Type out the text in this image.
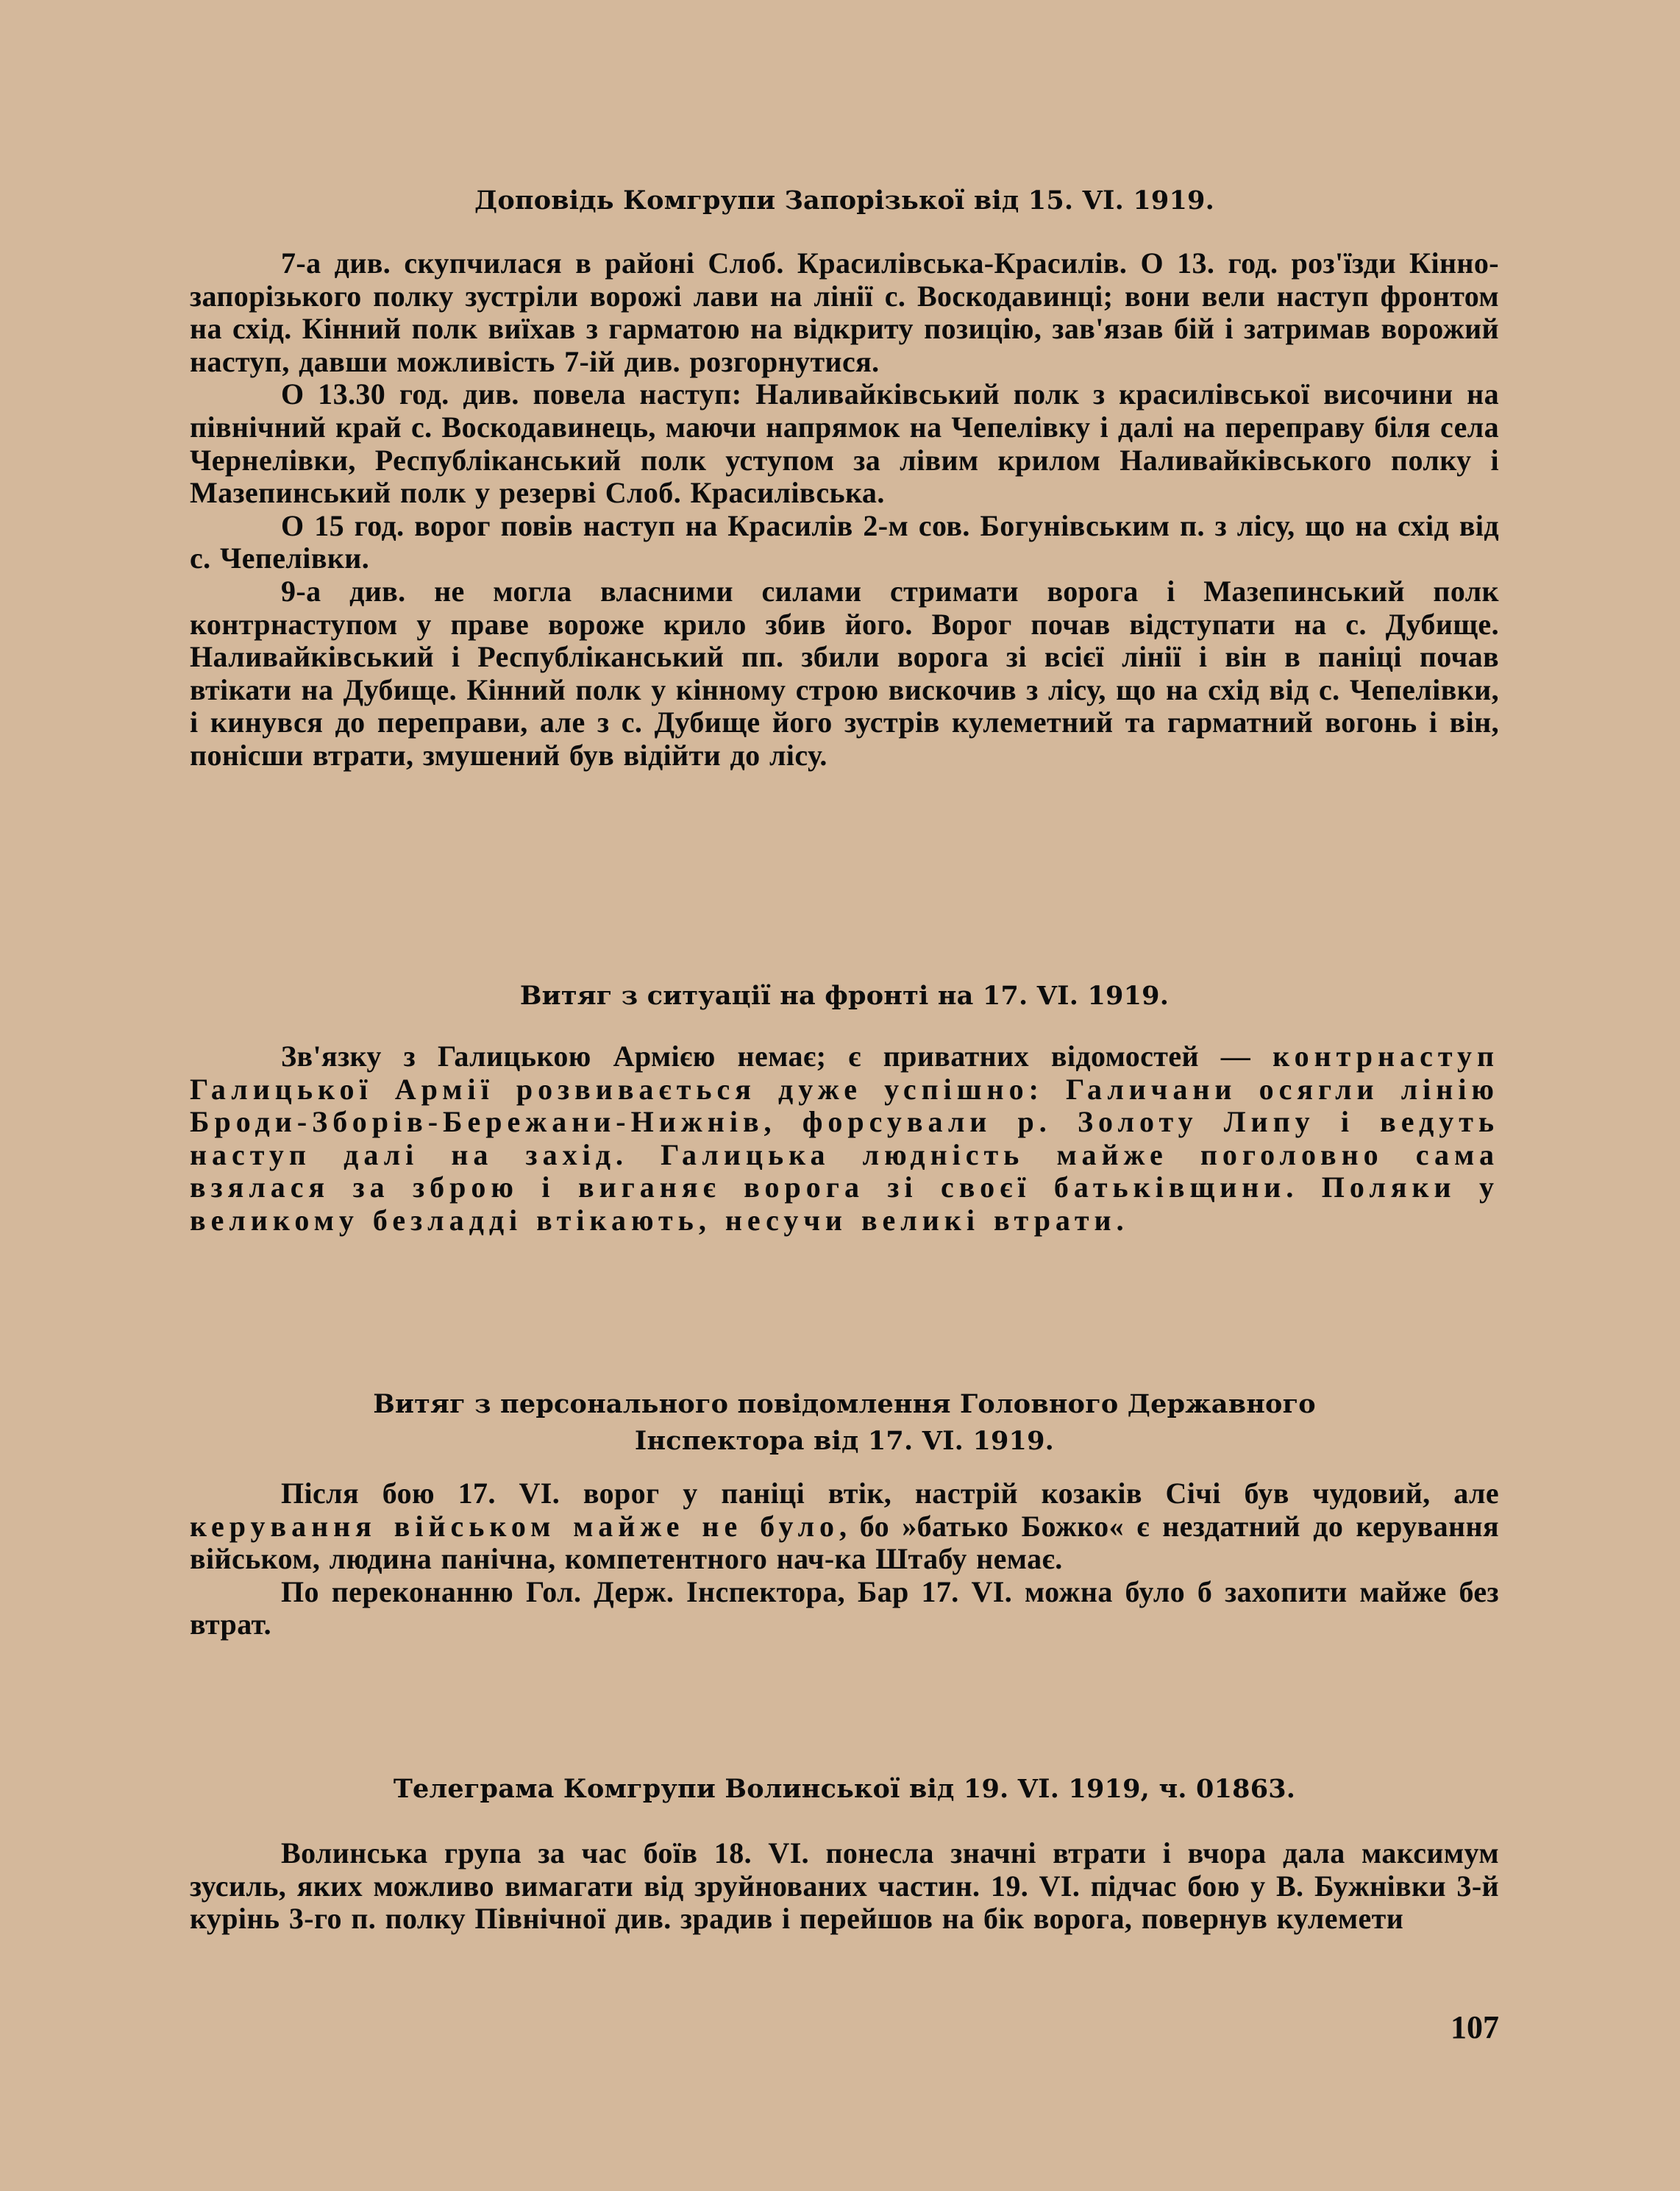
Доповідь Комгрупи Запорізької від 15. VI. 1919.

7-а див. скупчилася в районі Слоб. Красилівська-Красилів. О 13. год. роз'їзди Кінно-запорізького полку зустріли ворожі лави на лінії с. Воскодавинці; вони вели наступ фронтом на схід. Кінний полк виїхав з гарматою на відкриту позицію, зав'язав бій і затримав ворожий наступ, давши можливість 7-ій див. розгорнутися.

О 13.30 год. див. повела наступ: Наливайківський полк з красилівської височини на північний край с. Воскодавинець, маючи напрямок на Чепелівку і далі на переправу біля села Чернелівки, Республіканський полк уступом за лівим крилом Наливайківського полку і Мазепинський полк у резерві Слоб. Красилівська.

О 15 год. ворог повів наступ на Красилів 2-м сов. Богунівським п. з лісу, що на схід від с. Чепелівки.

9-а див. не могла власними силами стримати ворога і Мазепинський полк контрнаступом у праве вороже крило збив його. Ворог почав відступати на с. Дубище. Наливайківський і Республіканський пп. збили ворога зі всієї лінії і він в паніці почав втікати на Дубище. Кінний полк у кінному строю вискочив з лісу, що на схід від с. Чепелівки, і кинувся до переправи, але з с. Дубище його зустрів кулеметний та гарматний вогонь і він, понісши втрати, змушений був відійти до лісу.

Витяг з ситуації на фронті на 17. VI. 1919.

Зв'язку з Галицькою Армією немає; є приватних відомостей — контрнаступ Галицької Армії розвивається дуже успішно: Галичани осягли лінію Броди-Зборів-Бережани-Нижнів, форсували р. Золоту Липу і ведуть наступ далі на захід. Галицька людність майже поголовно сама взялася за зброю і виганяє ворога зі своєї батьківщини. Поляки у великому безладді втікають, несучи великі втрати.

Витяг з персонального повідомлення Головного Державного
Інспектора від 17. VI. 1919.

Після бою 17. VI. ворог у паніці втік, настрій козаків Січі був чудовий, але керування військом майже не було, бо »батько Божко« є нездатний до керування військом, людина панічна, компетентного нач-ка Штабу немає.

По переконанню Гол. Держ. Інспектора, Бар 17. VI. можна було б захопити майже без втрат.

Телеграма Комгрупи Волинської від 19. VI. 1919, ч. 01863.

Волинська група за час боїв 18. VI. понесла значні втрати і вчора дала максимум зусиль, яких можливо вимагати від зруйнованих частин. 19. VI. підчас бою у В. Бужнівки 3-й курінь 3-го п. полку Північної див. зрадив і перейшов на бік ворога, повернув кулемети

107
